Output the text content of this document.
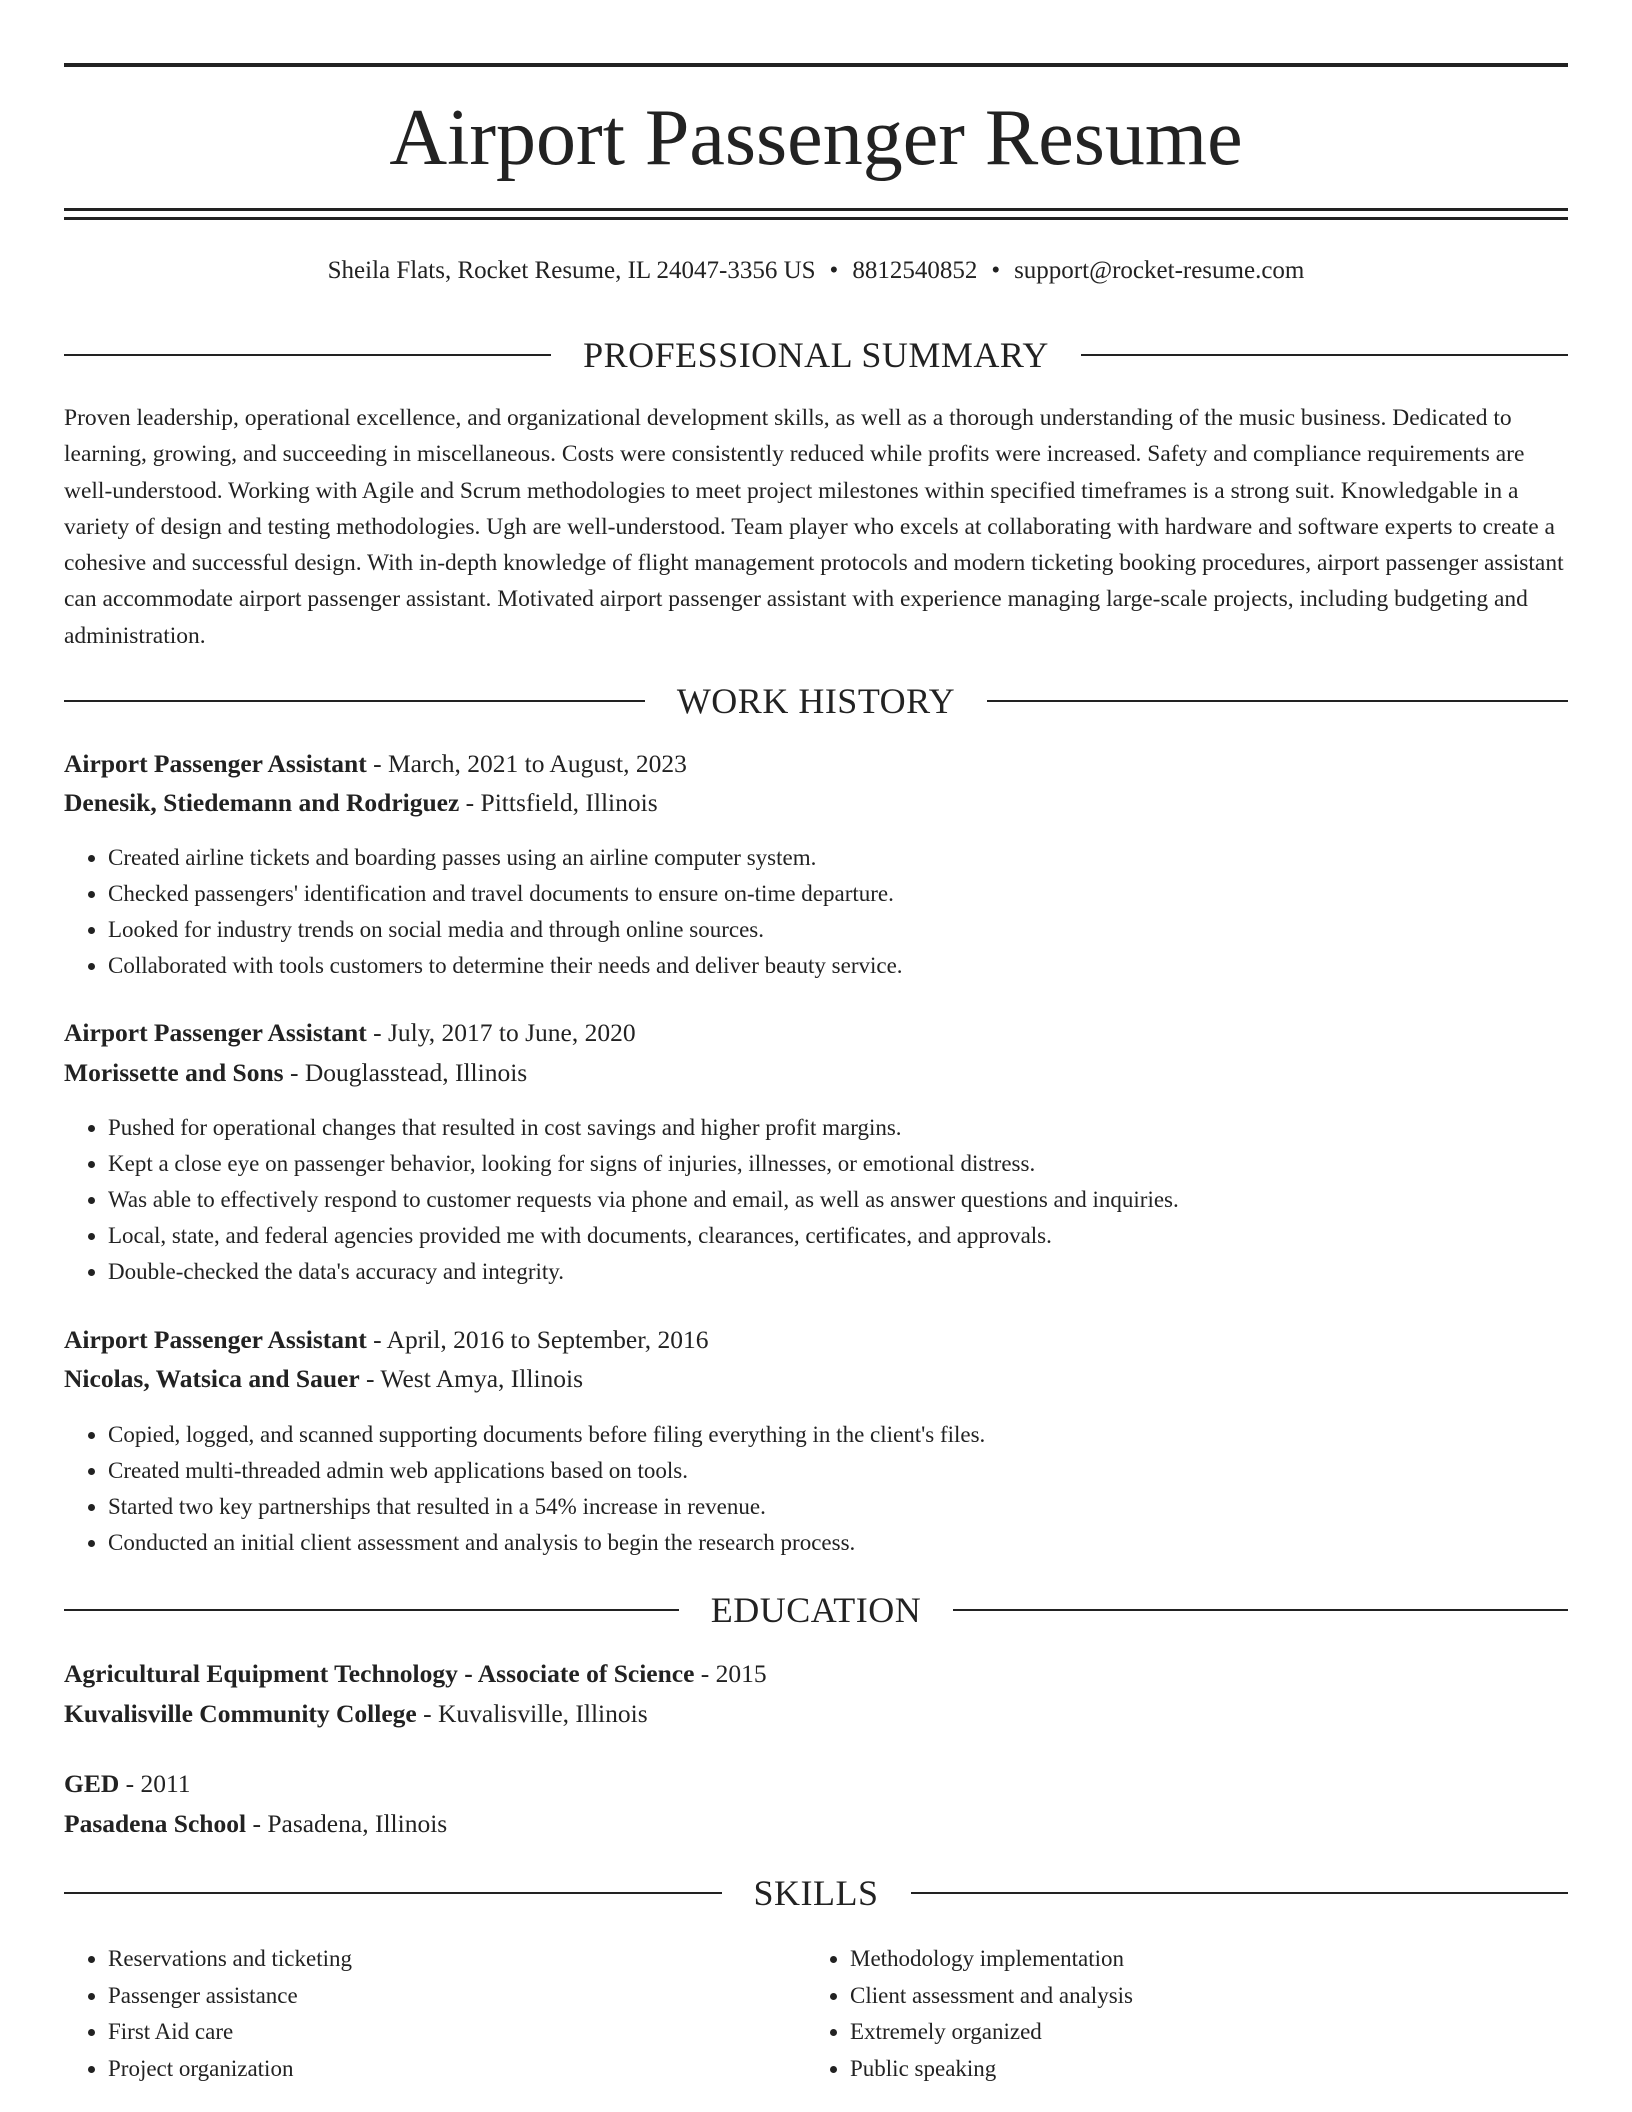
Airport Passenger Resume
Sheila Flats, Rocket Resume, IL 24047-3356 US • 8812540852 • support@rocket-resume.com
PROFESSIONAL SUMMARY

Proven leadership, operational excellence, and organizational development skills, as well as a thorough understanding of the music business. Dedicated to learning, growing, and succeeding in miscellaneous. Costs were consistently reduced while profits were increased. Safety and compliance requirements are well-understood. Working with Agile and Scrum methodologies to meet project milestones within specified timeframes is a strong suit. Knowledgable in a variety of design and testing methodologies. Ugh are well-understood. Team player who excels at collaborating with hardware and software experts to create a cohesive and successful design. With in-depth knowledge of flight management protocols and modern ticketing booking procedures, airport passenger assistant can accommodate airport passenger assistant. Motivated airport passenger assistant with experience managing large-scale projects, including budgeting and administration.

WORK HISTORY
Airport Passenger Assistant - March, 2021 to August, 2023
Denesik, Stiedemann and Rodriguez - Pittsfield, Illinois
• Created airline tickets and boarding passes using an airline computer system.
• Checked passengers' identification and travel documents to ensure on-time departure.
• Looked for industry trends on social media and through online sources.
• Collaborated with tools customers to determine their needs and deliver beauty service.
Airport Passenger Assistant - July, 2017 to June, 2020
Morissette and Sons - Douglasstead, Illinois
• Pushed for operational changes that resulted in cost savings and higher profit margins.
• Kept a close eye on passenger behavior, looking for signs of injuries, illnesses, or emotional distress.
• Was able to effectively respond to customer requests via phone and email, as well as answer questions and inquiries.
• Local, state, and federal agencies provided me with documents, clearances, certificates, and approvals.
• Double-checked the data's accuracy and integrity.
Airport Passenger Assistant - April, 2016 to September, 2016
Nicolas, Watsica and Sauer - West Amya, Illinois
• Copied, logged, and scanned supporting documents before filing everything in the client's files.
• Created multi-threaded admin web applications based on tools.
• Started two key partnerships that resulted in a 54% increase in revenue.
• Conducted an initial client assessment and analysis to begin the research process.
EDUCATION
Agricultural Equipment Technology - Associate of Science - 2015
Kuvalisville Community College - Kuvalisville, Illinois
GED - 2011
Pasadena School - Pasadena, Illinois
SKILLS
• Reservations and ticketing
• Passenger assistance
• First Aid care
• Project organization
• Methodology implementation
• Client assessment and analysis
• Extremely organized
• Public speaking
